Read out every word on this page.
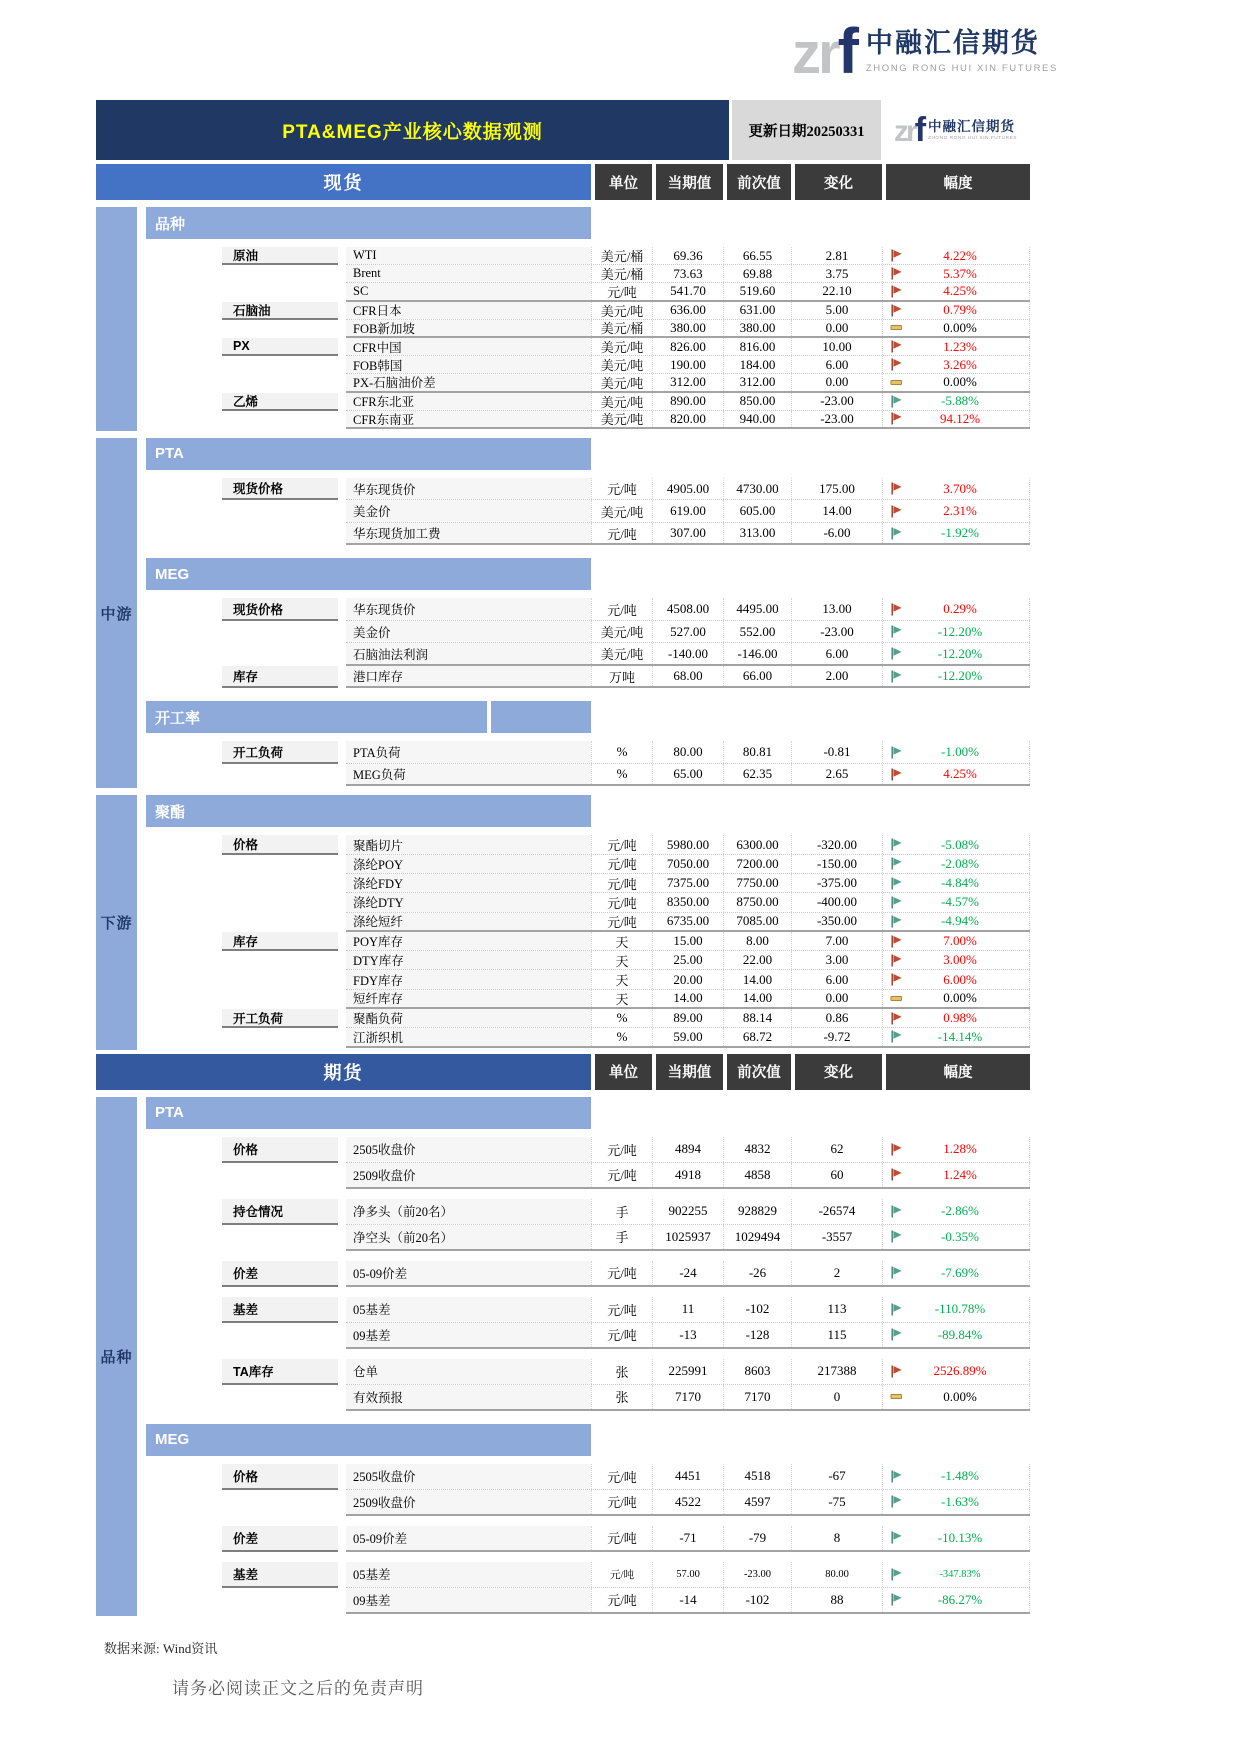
zrf 中融汇信期货
ZHONG RONG HUI XIN FUTURES
PTA&MEG产业核心数据观测	更新日期20250331 zrf 中融汇信期货
ZHONG RONG HUI XIN FUTURES
现货	单位	当期值	前次值	变化	幅度
品种
原油	WTI	美元/桶	69.36	66.55	2.81	4.22%
Brent	美元/桶	73.63	69.88	3.75	5.37%
SC	元/吨	541.70	519.60	22.10	4.25%
石脑油	CFR日本	美元/吨	636.00	631.00	5.00	0.79%
FOB新加坡	美元/桶	380.00	380.00	0.00	0.00%
PX	CFR中国	美元/吨	826.00	816.00	10.00	1.23%
FOB韩国	美元/吨	190.00	184.00	6.00	3.26%
PX-石脑油价差	美元/吨	312.00	312.00	0.00	0.00%
乙烯	CFR东北亚	美元/吨	890.00	850.00	-23.00	-5.88%
CFR东南亚	美元/吨	820.00	940.00	-23.00	94.12%
中游
PTA
现货价格	华东现货价	元/吨	4905.00	4730.00	175.00	3.70%
美金价	美元/吨	619.00	605.00	14.00	2.31%
华东现货加工费	元/吨	307.00	313.00	-6.00	-1.92%
MEG
现货价格	华东现货价	元/吨	4508.00	4495.00	13.00	0.29%
美金价	美元/吨	527.00	552.00	-23.00	-12.20%
石脑油法利润	美元/吨	-140.00	-146.00	6.00	-12.20%
库存	港口库存	万吨	68.00	66.00	2.00	-12.20%
开工率
开工负荷	PTA负荷	%	80.00	80.81	-0.81	-1.00%
MEG负荷	%	65.00	62.35	2.65	4.25%
下游
聚酯
价格	聚酯切片	元/吨	5980.00	6300.00	-320.00	-5.08%
涤纶POY	元/吨	7050.00	7200.00	-150.00	-2.08%
涤纶FDY	元/吨	7375.00	7750.00	-375.00	-4.84%
涤纶DTY	元/吨	8350.00	8750.00	-400.00	-4.57%
涤纶短纤	元/吨	6735.00	7085.00	-350.00	-4.94%
库存	POY库存	天	15.00	8.00	7.00	7.00%
DTY库存	天	25.00	22.00	3.00	3.00%
FDY库存	天	20.00	14.00	6.00	6.00%
短纤库存	天	14.00	14.00	0.00	0.00%
开工负荷	聚酯负荷	%	89.00	88.14	0.86	0.98%
江浙织机	%	59.00	68.72	-9.72	-14.14%
期货	单位	当期值	前次值	变化	幅度
品种
PTA
价格	2505收盘价	元/吨	4894	4832	62	1.28%
2509收盘价	元/吨	4918	4858	60	1.24%
持仓情况	净多头（前20名）	手	902255	928829	-26574	-2.86%
净空头（前20名）	手	1025937	1029494	-3557	-0.35%
价差	05-09价差	元/吨	-24	-26	2	-7.69%
基差	05基差	元/吨	11	-102	113	-110.78%
09基差	元/吨	-13	-128	115	-89.84%
TA库存	仓单	张	225991	8603	217388	2526.89%
有效预报	张	7170	7170	0	0.00%
MEG
价格	2505收盘价	元/吨	4451	4518	-67	-1.48%
2509收盘价	元/吨	4522	4597	-75	-1.63%
价差	05-09价差	元/吨	-71	-79	8	-10.13%
基差	05基差	元/吨	57.00	-23.00	80.00	-347.83%
09基差	元/吨	-14	-102	88	-86.27%
数据来源: Wind资讯
请务必阅读正文之后的免责声明
